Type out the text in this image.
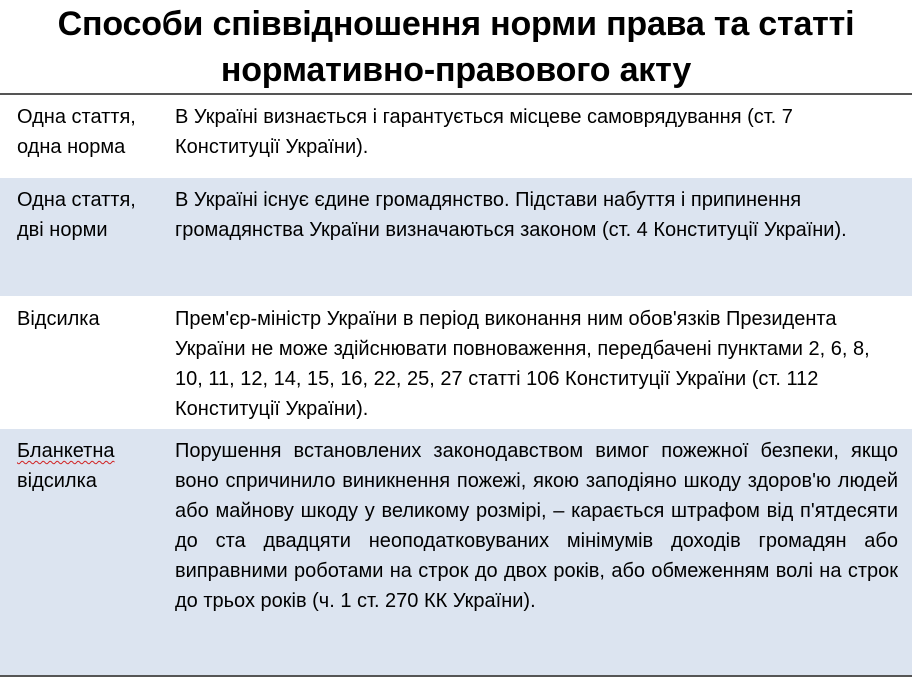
Способи співвідношення норми права та статті
нормативно-правового акту
Одна стаття,
одна норма
В Україні визнається і гарантується місцеве самоврядування (ст. 7 Конституції України).
Одна стаття,
дві норми
В Україні існує єдине громадянство. Підстави набуття і припинення громадянства України визначаються законом (ст. 4 Конституції України).
Відсилка	Прем'єр-міністр України в період виконання ним обов'язків Президента України не може здійснювати повноваження, передбачені пунктами 2, 6, 8, 10, 11, 12, 14, 15, 16, 22, 25, 27 статті 106 Конституції України (ст. 112 Конституції України).
Бланкетна
відсилка
Порушення встановлених законодавством вимог пожежної безпеки, якщо воно спричинило виникнення пожежі, якою заподіяно шкоду здоров'ю людей або майнову шкоду у великому розмірі, – карається штрафом від п'ятдесяти до ста двадцяти неоподатковуваних мінімумів доходів громадян або виправними роботами на строк до двох років, або обмеженням волі на строк до трьох років (ч. 1 ст. 270 КК України).
